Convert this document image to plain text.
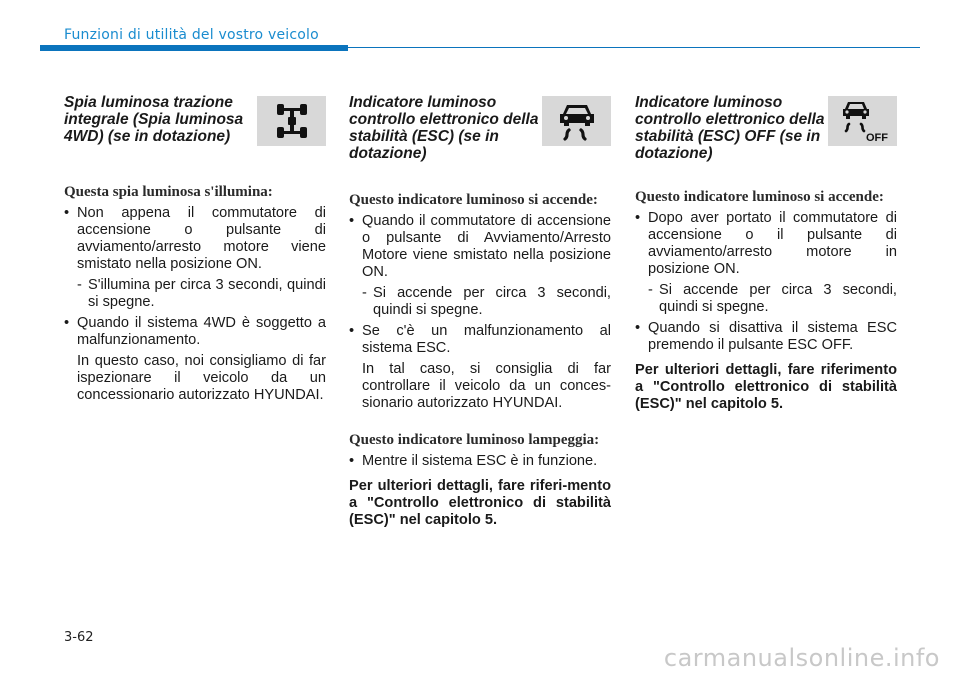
Funzioni di utilità del vostro veicolo

Spia luminosa trazione integrale (Spia luminosa 4WD) (se in dotazione)

Questa spia luminosa s'illumina:

• Non appena il commutatore di accensione o pulsante di avviamento/arresto motore viene smistato nella posizione ON.
- S'illumina per circa 3 secondi, quindi si spegne.
• Quando il sistema 4WD è soggetto a malfunzionamento.

In questo caso, noi consigliamo di far ispezionare il veicolo da un concessionario autorizzato HYUNDAI.

Indicatore luminoso controllo elettronico della stabilità (ESC) (se in dotazione)

Questo indicatore luminoso si accende:

• Quando il commutatore di accensione o pulsante di Avviamento/Arresto Motore viene smistato nella posizione ON.
- Si accende per circa 3 secondi, quindi si spegne.
• Se c'è un malfunzionamento al sistema ESC.

In tal caso, si consiglia di far controllare il veicolo da un conces-sionario autorizzato HYUNDAI.

Questo indicatore luminoso lampeggia:

• Mentre il sistema ESC è in funzione.

Per ulteriori dettagli, fare riferi-mento a "Controllo elettronico di stabilità (ESC)" nel capitolo 5.

Indicatore luminoso controllo elettronico della stabilità (ESC) OFF (se in dotazione)

OFF

Questo indicatore luminoso si accende:

• Dopo aver portato il commutatore di accensione o il pulsante di avviamento/arresto motore in posizione ON.
- Si accende per circa 3 secondi, quindi si spegne.
• Quando si disattiva il sistema ESC premendo il pulsante ESC OFF.

Per ulteriori dettagli, fare riferimento a "Controllo elettronico di stabilità (ESC)" nel capitolo 5.

3-62
carmanualsonline.info
